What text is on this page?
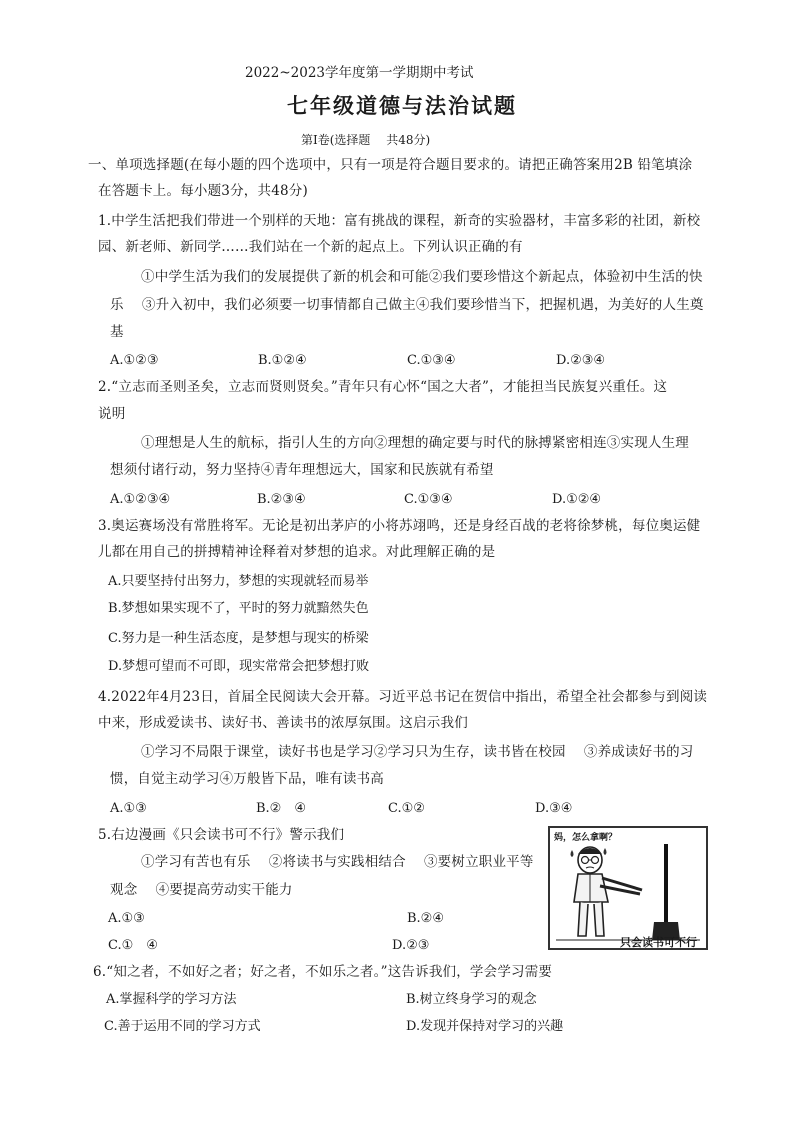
2022~2023学年度第一学期期中考试
七年级道德与法治试题
第Ⅰ卷(选择题　 共48分)
一、单项选择题(在每小题的四个选项中，只有一项是符合题目要求的。请把正确答案用2B 铅笔填涂
在答题卡上。每小题3分，共48分)
1.中学生活把我们带进一个别样的天地：富有挑战的课程，新奇的实验器材，丰富多彩的社团，新校
园、新老师、新同学……我们站在一个新的起点上。下列认识正确的有
①中学生活为我们的发展提供了新的机会和可能②我们要珍惜这个新起点，体验初中生活的快
乐　 ③升入初中，我们必须要一切事情都自己做主④我们要珍惜当下，把握机遇，为美好的人生奠
基
A.①②③	B.①②④	C.①③④	D.②③④
2.“立志而圣则圣矣，立志而贤则贤矣。”青年只有心怀“国之大者”，才能担当民族复兴重任。这
说明
①理想是人生的航标，指引人生的方向②理想的确定要与时代的脉搏紧密相连③实现人生理
想须付诸行动，努力坚持④青年理想远大，国家和民族就有希望
A.①②③④	B.②③④	C.①③④	D.①②④
3.奥运赛场没有常胜将军。无论是初出茅庐的小将苏翊鸣，还是身经百战的老将徐梦桃，每位奥运健
儿都在用自己的拼搏精神诠释着对梦想的追求。对此理解正确的是
A.只要坚持付出努力，梦想的实现就轻而易举
B.梦想如果实现不了，平时的努力就黯然失色
C.努力是一种生活态度，是梦想与现实的桥梁
D.梦想可望而不可即，现实常常会把梦想打败
4.2022年4月23日，首届全民阅读大会开幕。习近平总书记在贺信中指出，希望全社会都参与到阅读
中来，形成爱读书、读好书、善读书的浓厚氛围。这启示我们
①学习不局限于课堂，读好书也是学习②学习只为生存，读书皆在校园　 ③养成读好书的习
惯，自觉主动学习④万般皆下品，唯有读书高
A.①③	B.②　④	C.①②	D.③④
5.右边漫画《只会读书可不行》警示我们
①学习有苦也有乐　 ②将读书与实践相结合　 ③要树立职业平等
观念　 ④要提高劳动实干能力
A.①③	B.②④
C.①　④	D.②③
妈，怎么拿啊？
只会读书可不行
6.“知之者，不如好之者；好之者，不如乐之者。”这告诉我们，学会学习需要
A.掌握科学的学习方法	B.树立终身学习的观念
C.善于运用不同的学习方式	D.发现并保持对学习的兴趣
